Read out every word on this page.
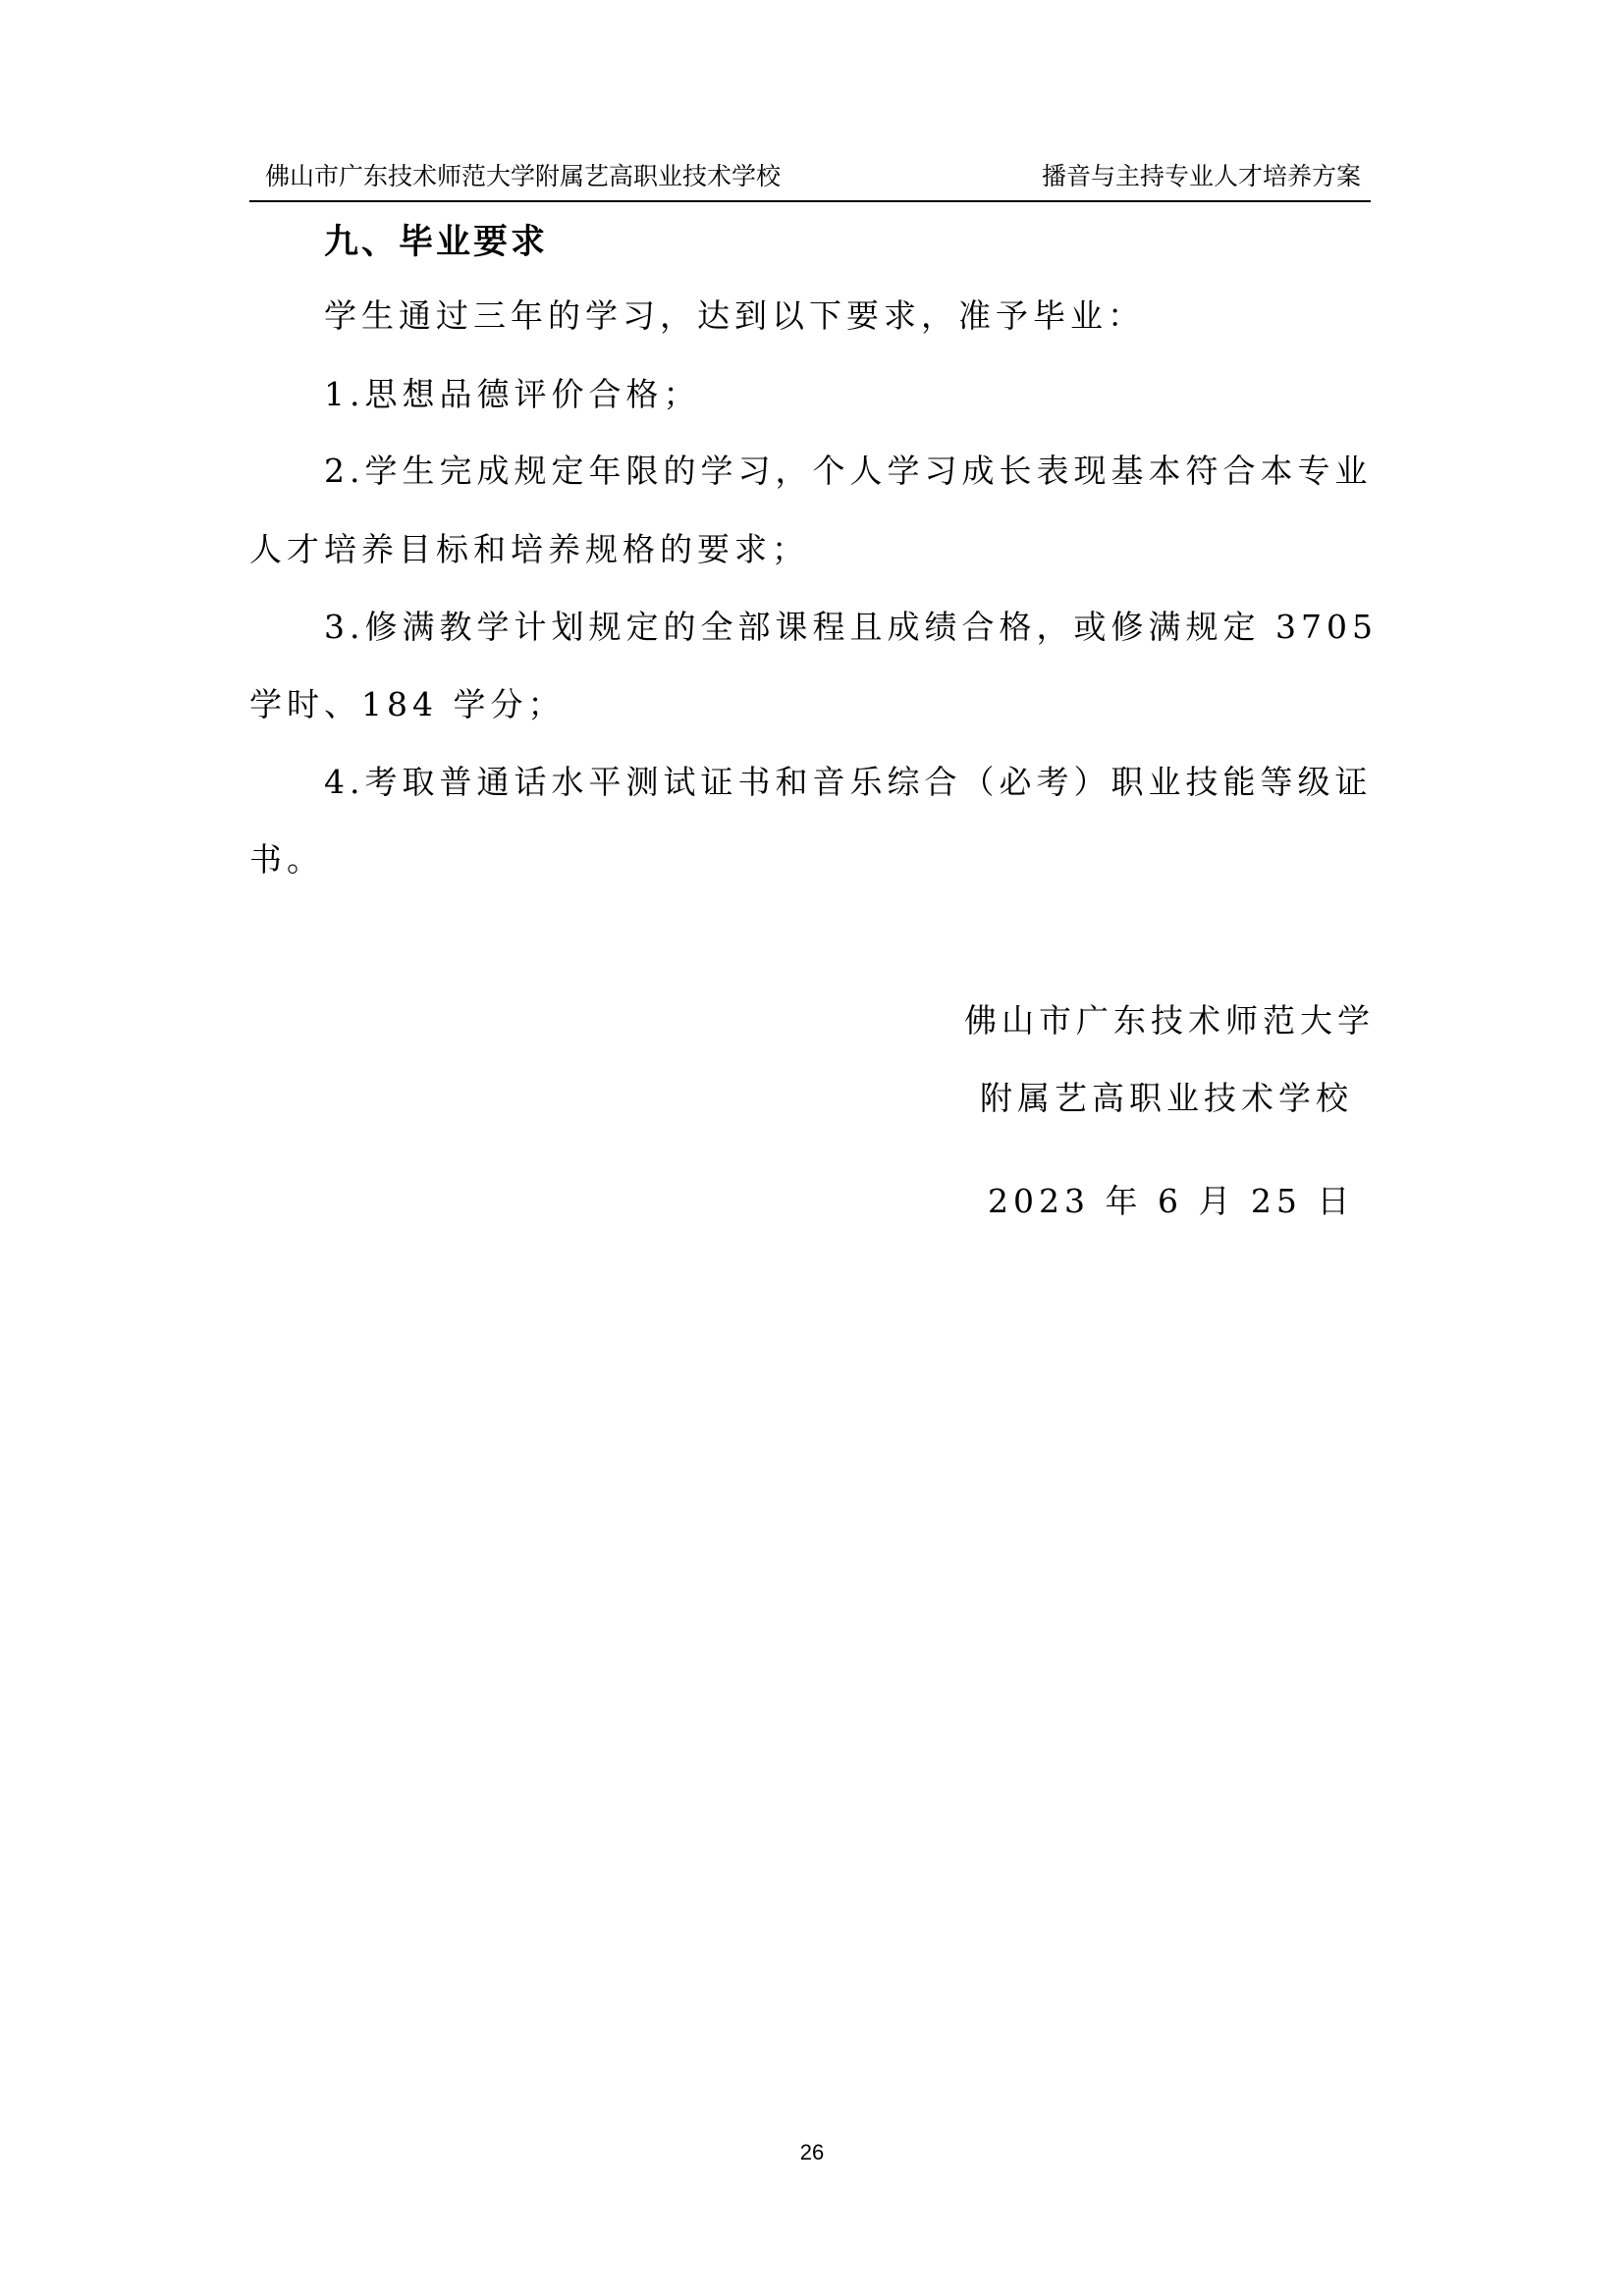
佛山市广东技术师范大学附属艺高职业技术学校	播音与主持专业人才培养方案
九、毕业要求
学生通过三年的学习，达到以下要求，准予毕业：
1.思想品德评价合格；
2.学生完成规定年限的学习，个人学习成长表现基本符合本专业
人才培养目标和培养规格的要求；
3.修满教学计划规定的全部课程且成绩合格，或修满规定 3705
学时、184 学分；
4.考取普通话水平测试证书和音乐综合（必考）职业技能等级证
书。
佛山市广东技术师范大学
附属艺高职业技术学校
2023 年 6 月 25 日
26
